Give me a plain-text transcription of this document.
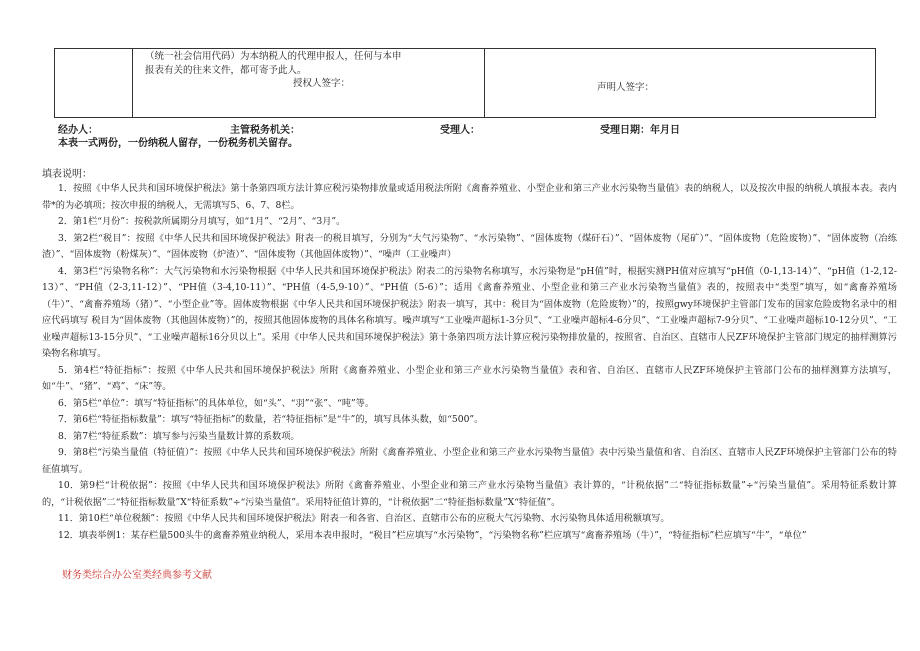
（统一社会信用代码）为本纳税人的代理申报人，任何与本申
报表有关的往来文件，都可寄予此人。
授权人签字：	声明人签字：
经办人：	主管税务机关：	受理人：	受理日期：年月日
本表一式两份，一份纳税人留存，一份税务机关留存。
填表说明：

1．按照《中华人民共和国环境保护税法》第十条第四项方法计算应税污染物排放量或适用税法所附《禽畜养殖业、小型企业和第三产业水污染物当量值》表的纳税人，以及按次申报的纳税人填报本表。表内带*的为必填项；按次申报的纳税人，无需填写5、6、7、8栏。

2．第1栏“月份”：按税款所属期分月填写，如“1月”、“2月”、“3月”。

3．第2栏“税目”：按照《中华人民共和国环境保护税法》附表一的税目填写，分别为“大气污染物”、“水污染物”、“固体废物（煤矸石）”、“固体废物（尾矿）”、“固体废物（危险废物）”、“固体废物（冶练渣）”、“固体废物（粉煤灰）”、“固体废物（炉渣）”、“固体废物（其他固体废物）”、“噪声（工业噪声）

4．第3栏“污染物名称”：大气污染物和水污染物根据《中华人民共和国环境保护税法》附表二的污染物名称填写，水污染物是“pH值”时，根据实测PH值对应填写“pH值（0-1,13-14）”、“pH值（1-2,12-13）”、“PH值（2-3,11-12）”、“PH值（3-4,10-11）”、“PH值（4-5,9-10）”、“PH值（5-6）”；适用《禽畜养殖业、小型企业和第三产业水污染物当量值》表的，按照表中“类型”填写，如“禽畜养殖场（牛）”、“禽畜养殖场（猪）”、“小型企业”等。固体废物根据《中华人民共和国环境保护税法》附表一填写，其中：税目为“固体废物（危险废物）”的，按照gwy环境保护主管部门发布的国家危险废物名录中的相应代码填写 税目为“固体废物（其他固体废物）”的，按照其他固体废物的具体名称填写。噪声填写“工业噪声超标1-3分贝”、“工业噪声超标4-6分贝”、“工业噪声超标7-9分贝”、“工业噪声超标10-12分贝”、“工业噪声超标13-15分贝”、“工业噪声超标16分贝以上”。采用《中华人民共和国环境保护税法》第十条第四项方法计算应税污染物排放量的，按照省、自治区、直辖市人民ZF环境保护主管部门规定的抽样测算污染物名称填写。

5．第4栏“特征指标”：按照《中华人民共和国环境保护税法》所附《禽畜养殖业、小型企业和第三产业水污染物当量值》表和省、自治区、直辖市人民ZF环境保护主管部门公布的抽样测算方法填写，如“牛”、“猪”、“鸡”、“床”等。

6．第5栏“单位”：填写“特征指标”的具体单位，如“头”、“羽”“张”、“吨”等。

7．第6栏“特征指标数量”：填写“特征指标”的数量，若“特征指标”是“牛”的，填写具体头数，如“500”。

8．第7栏“特征系数”：填写参与污染当量数计算的系数项。

9．第8栏“污染当量值（特征值）”：按照《中华人民共和国环境保护税法》所附《禽畜养殖业、小型企业和第三产业水污染物当量值》表中污染当量值和省、自治区、直辖市人民ZF环境保护主管部门公布的特征值填写。

10．第9栏“计税依据”：按照《中华人民共和国环境保护税法》所附《禽畜养殖业、小型企业和第三产业水污染物当量值》表计算的，“计税依据”二“特征指标数量”÷“污染当量值”。采用特征系数计算的，“计税依据”二“特征指标数量”X“特征系数”÷“污染当量值”。采用特征值计算的，“计税依据”二“特征指标数量”X“特征值”。

11．第10栏“单位税额”：按照《中华人民共和国环境保护税法》附表一和各省、自治区、直辖市公布的应税大气污染物、水污染物具体适用税额填写。

12．填表举例1：某存栏量500头牛的禽畜养殖业纳税人，采用本表申报时，“税目”栏应填写“水污染物”，“污染物名称”栏应填写“禽畜养殖场（牛）”，“特征指标”栏应填写“牛”，“单位”

财务类综合办公室类经典参考文献
